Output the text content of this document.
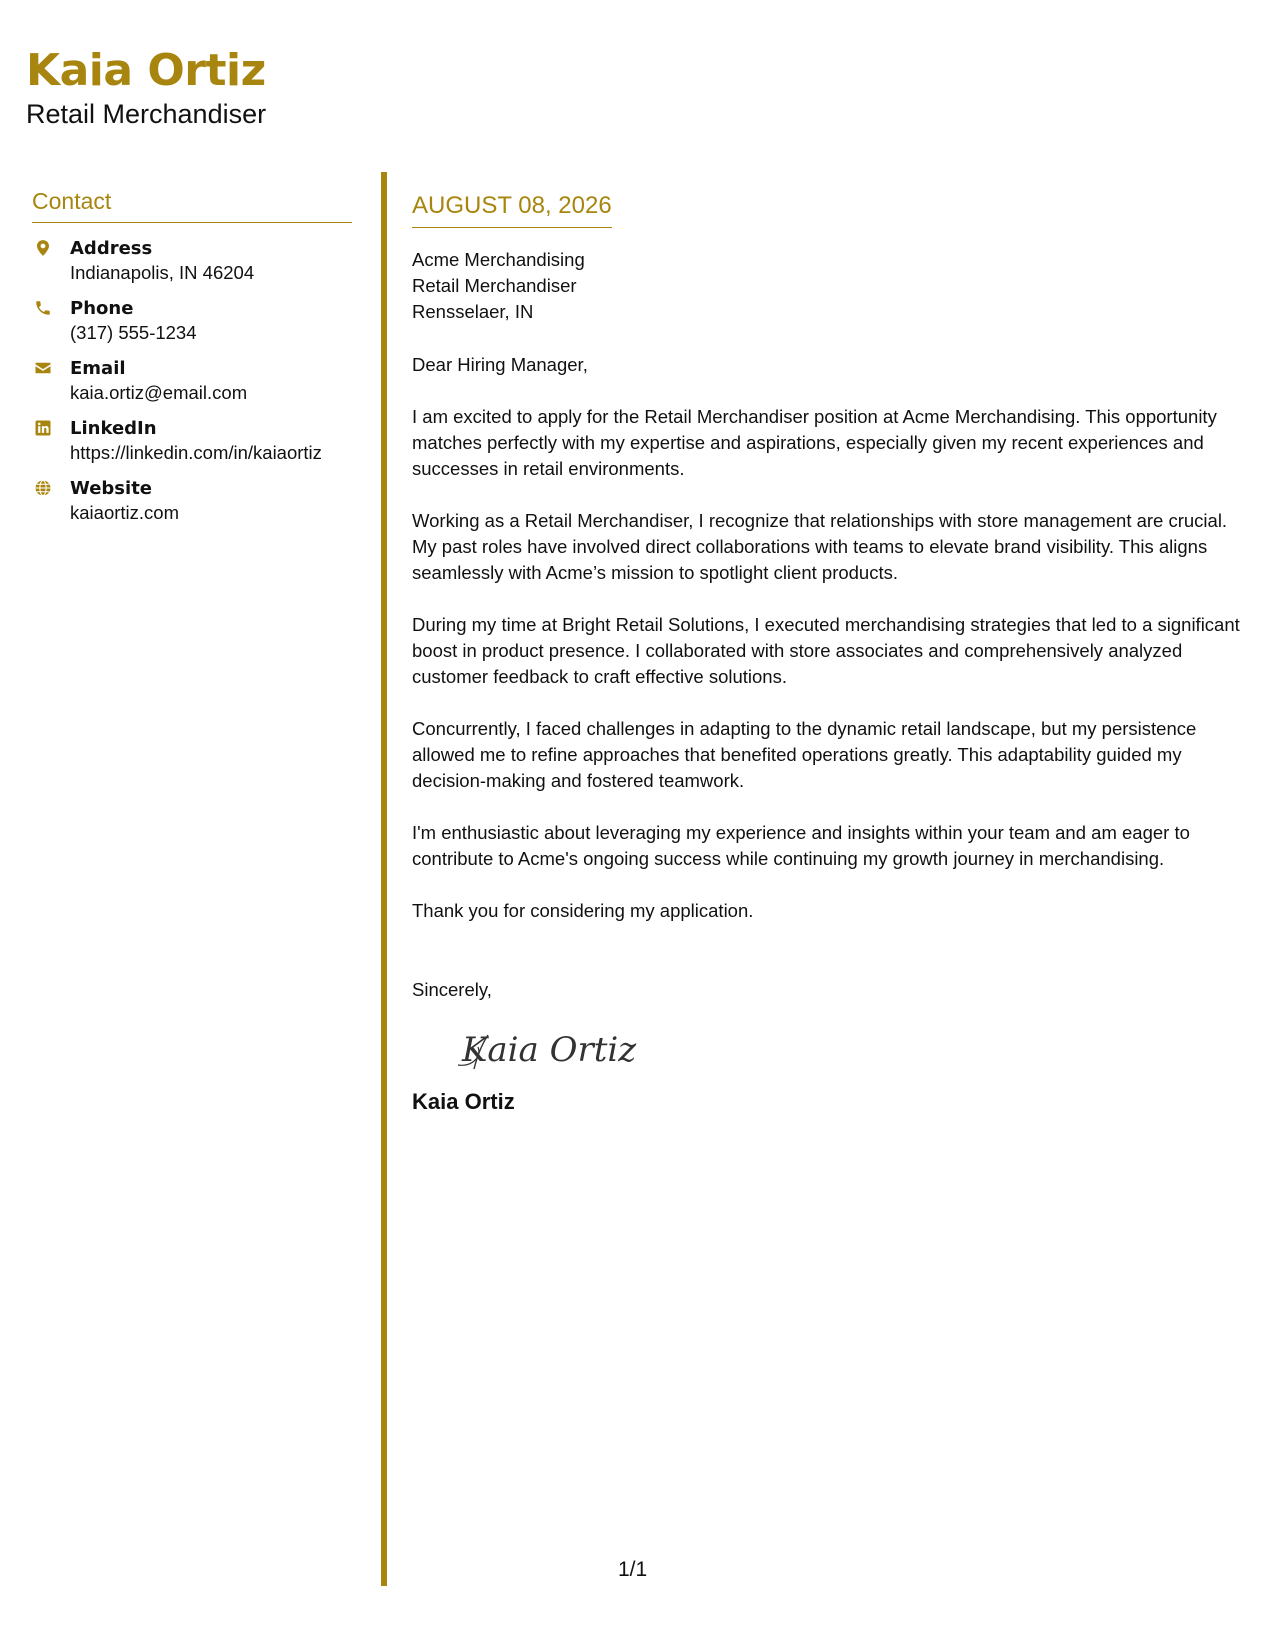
Kaia Ortiz
Retail Merchandiser
Contact
Address
Indianapolis, IN 46204
Phone
(317) 555-1234
Email
kaia.ortiz@email.com
LinkedIn
https://linkedin.com/in/kaiaortiz
Website
kaiaortiz.com
AUGUST 08, 2026
Acme Merchandising
Retail Merchandiser
Rensselaer, IN

Dear Hiring Manager,

I am excited to apply for the Retail Merchandiser position at Acme Merchandising. This opportunity matches perfectly with my expertise and aspirations, especially given my recent experiences and successes in retail environments.

Working as a Retail Merchandiser, I recognize that relationships with store management are crucial. My past roles have involved direct collaborations with teams to elevate brand visibility. This aligns seamlessly with Acme’s mission to spotlight client products.

During my time at Bright Retail Solutions, I executed merchandising strategies that led to a significant boost in product presence. I collaborated with store associates and comprehensively analyzed customer feedback to craft effective solutions.

Concurrently, I faced challenges in adapting to the dynamic retail landscape, but my persistence allowed me to refine approaches that benefited operations greatly. This adaptability guided my decision-making and fostered teamwork.

I'm enthusiastic about leveraging my experience and insights within your team and am eager to contribute to Acme's ongoing success while continuing my growth journey in merchandising.

Thank you for considering my application.

Sincerely,

Kaia Ortiz

Kaia Ortiz

1/1
